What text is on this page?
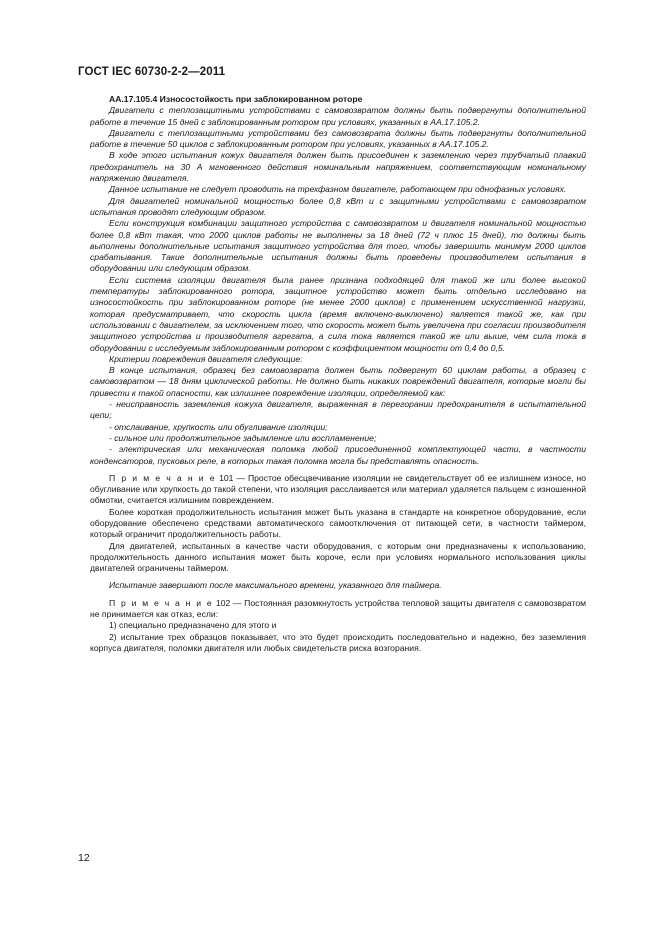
ГОСТ IEC 60730-2-2—2011

АА.17.105.4 Износостойкость при заблокированном роторе

Двигатели с теплозащитными устройствами с самовозвратом должны быть подвергнуты дополнительной работе в течение 15 дней с заблокированным ротором при условиях, указанных в АА.17.105.2.

Двигатели с теплозащитными устройствами без самовозврата должны быть подвергнуты дополнительной работе в течение 50 циклов с заблокированным ротором при условиях, указанных в АА.17.105.2.

В ходе этого испытания кожух двигателя должен быть присоединен к заземлению через трубчатый плавкий предохранитель на 30 А мгновенного действия номинальным напряжением, соответствующим номинальному напряжению двигателя.

Данное испытание не следует проводить на трехфазном двигателе, работающем при однофазных условиях.

Для двигателей номинальной мощностью более 0,8 кВт и с защитными устройствами с самовозвратом испытания проводят следующим образом.

Если конструкция комбинации защитного устройства с самовозвратом и двигателя номинальной мощностью более 0,8 кВт такая, что 2000 циклов работы не выполнены за 18 дней (72 ч плюс 15 дней), то должны быть выполнены дополнительные испытания защитного устройства для того, чтобы завершить минимум 2000 циклов срабатывания. Такие дополнительные испытания должны быть проведены производителем испытания в оборудовании или следующим образом.

Если система изоляции двигателя была ранее признана подходящей для такой же или более высокой температуры заблокированного ротора, защитное устройство может быть отдельно исследовано на износостойкость при заблокированном роторе (не менее 2000 циклов) с применением искусственной нагрузки, которая предусматривает, что скорость цикла (время включено-выключено) является такой же, как при использовании с двигателем, за исключением того, что скорость может быть увеличена при согласии производителя защитного устройства и производителя агрегата, а сила тока является такой же или выше, чем сила тока в оборудовании с исследуемым заблокированным ротором с коэффициентом мощности от 0,4 до 0,5.

Критерии повреждения двигателя следующие:

В конце испытания, образец без самовозврата должен быть подвергнут 60 циклам работы, а образец с самовозвратом — 18 дням циклической работы. Не должно быть никаких повреждений двигателя, которые могли бы привести к такой опасности, как излишнее повреждение изоляции, определяемой как:

- неисправность заземления кожуха двигателя, выраженная в перегорании предохранителя в испытательной цепи;

- отслаивание, хрупкость или обугливание изоляции;

- сильное или продолжительное задымление или воспламенение;

- электрическая или механическая поломка любой присоединенной комплектующей части, в частности конденсаторов, пусковых реле, в которых такая поломка могла бы представлять опасность.

П р и м е ч а н и е 101 — Простое обесцвечивание изоляции не свидетельствует об ее излишнем износе, но обугливание или хрупкость до такой степени, что изоляция расслаивается или материал удаляется пальцем с изношенной обмотки, считается излишним повреждением.

Более короткая продолжительность испытания может быть указана в стандарте на конкретное оборудование, если оборудование обеспечено средствами автоматического самоотключения от питающей сети, в частности таймером, который ограничит продолжительность работы.

Для двигателей, испытанных в качестве части оборудования, с которым они предназначены к использованию, продолжительность данного испытания может быть короче, если при условиях нормального использования циклы двигателей ограничены таймером.

Испытание завершают после максимального времени, указанного для таймера.

П р и м е ч а н и е 102 — Постоянная разомкнутость устройства тепловой защиты двигателя с самовозвратом не принимается как отказ, если:

1) специально предназначено для этого и

2) испытание трех образцов показывает, что это будет происходить последовательно и надежно, без заземления корпуса двигателя, поломки двигателя или любых свидетельств риска возгорания.

12
